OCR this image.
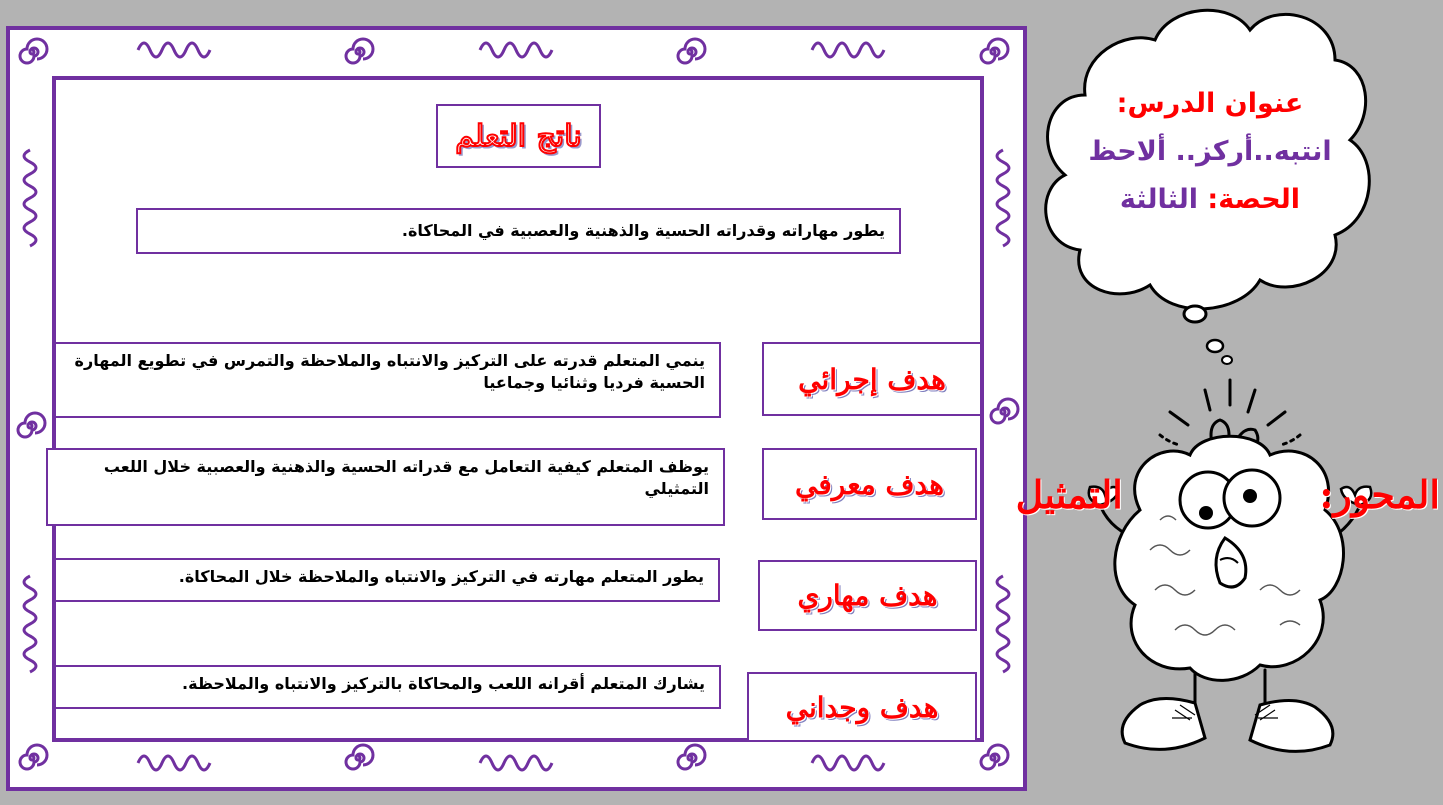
ناتج التعلم
يطور مهاراته وقدراته الحسية والذهنية والعصبية في المحاكاة.
هدف إجرائي
ينمي المتعلم قدرته على التركيز والانتباه والملاحظة والتمرس في تطويع المهارة الحسية فرديا وثنائيا وجماعيا
هدف معرفي
يوظف المتعلم كيفية التعامل مع قدراته الحسية والذهنية والعصبية خلال اللعب التمثيلي
هدف مهاري
يطور المتعلم مهارته في التركيز والانتباه والملاحظة خلال المحاكاة.
هدف وجداني
يشارك المتعلم أقرانه اللعب والمحاكاة بالتركيز والانتباه والملاحظة.
عنوان الدرس:
انتبه..أركز.. ألاحظ
الحصة: الثالثة
المحور:  التمثيل
